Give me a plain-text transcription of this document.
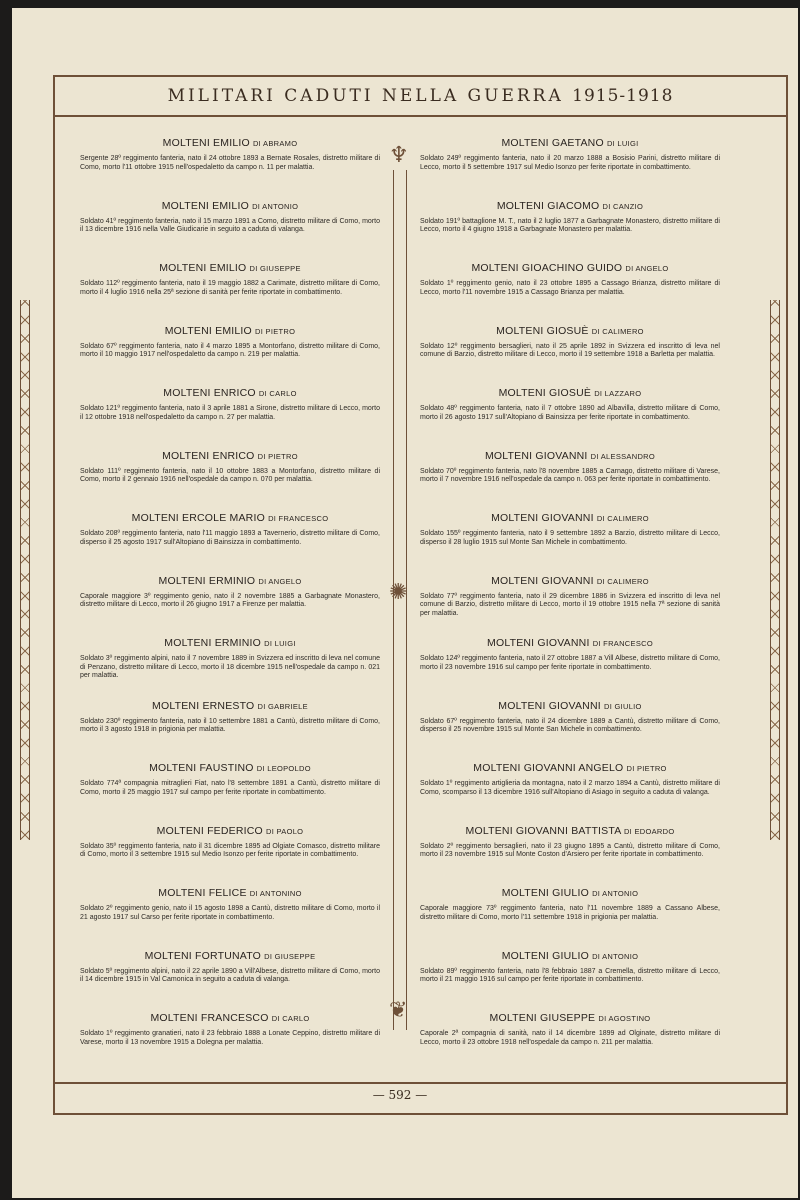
MILITARI CADUTI NELLA GUERRA 1915-1918
♆
✺
❦
MOLTENI EMILIO DI ABRAMO
Sergente 28º reggimento fanteria, nato il 24 ottobre 1893 a Bernate Rosales, distretto militare di Como, morto l'11 ottobre 1915 nell'ospedaletto da campo n. 11 per malattia.
MOLTENI EMILIO DI ANTONIO
Soldato 41º reggimento fanteria, nato il 15 marzo 1891 a Como, distretto militare di Como, morto il 13 dicembre 1916 nella Valle Giudicarie in seguito a caduta di valanga.
MOLTENI EMILIO DI GIUSEPPE
Soldato 112º reggimento fanteria, nato il 19 maggio 1882 a Carimate, distretto militare di Como, morto il 4 luglio 1916 nella 25ª sezione di sanità per ferite riportate in combattimento.
MOLTENI EMILIO DI PIETRO
Soldato 67º reggimento fanteria, nato il 4 marzo 1895 a Montorfano, distretto militare di Como, morto il 10 maggio 1917 nell'ospedaletto da campo n. 219 per malattia.
MOLTENI ENRICO DI CARLO
Soldato 121º reggimento fanteria, nato il 3 aprile 1881 a Sirone, distretto militare di Lecco, morto il 12 ottobre 1918 nell'ospedaletto da campo n. 27 per malattia.
MOLTENI ENRICO DI PIETRO
Soldato 111º reggimento fanteria, nato il 10 ottobre 1883 a Montorfano, distretto militare di Como, morto il 2 gennaio 1916 nell'ospedale da campo n. 070 per malattia.
MOLTENI ERCOLE MARIO DI FRANCESCO
Soldato 208º reggimento fanteria, nato l'11 maggio 1893 a Tavernerio, distretto militare di Como, disperso il 25 agosto 1917 sull'Altopiano di Bainsizza in combattimento.
MOLTENI ERMINIO DI ANGELO
Caporale maggiore 3º reggimento genio, nato il 2 novembre 1885 a Garbagnate Monastero, distretto militare di Lecco, morto il 26 giugno 1917 a Firenze per malattia.
MOLTENI ERMINIO DI LUIGI
Soldato 3º reggimento alpini, nato il 7 novembre 1889 in Svizzera ed inscritto di leva nel comune di Penzano, distretto militare di Lecco, morto il 18 dicembre 1915 nell'ospedale da campo n. 021 per malattia.
MOLTENI ERNESTO DI GABRIELE
Soldato 230º reggimento fanteria, nato il 10 settembre 1881 a Cantù, distretto militare di Como, morto il 3 agosto 1918 in prigionia per malattia.
MOLTENI FAUSTINO DI LEOPOLDO
Soldato 774ª compagnia mitraglieri Fiat, nato l'8 settembre 1891 a Cantù, distretto militare di Como, morto il 25 maggio 1917 sul campo per ferite riportate in combattimento.
MOLTENI FEDERICO DI PAOLO
Soldato 35º reggimento fanteria, nato il 31 dicembre 1895 ad Olgiate Comasco, distretto militare di Como, morto il 3 settembre 1915 sul Medio Isonzo per ferite riportate in combattimento.
MOLTENI FELICE DI ANTONINO
Soldato 2º reggimento genio, nato il 15 agosto 1898 a Cantù, distretto militare di Como, morto il 21 agosto 1917 sul Carso per ferite riportate in combattimento.
MOLTENI FORTUNATO DI GIUSEPPE
Soldato 5º reggimento alpini, nato il 22 aprile 1890 a Vill'Albese, distretto militare di Como, morto il 14 dicembre 1915 in Val Camonica in seguito a caduta di valanga.
MOLTENI FRANCESCO DI CARLO
Soldato 1º reggimento granatieri, nato il 23 febbraio 1888 a Lonate Ceppino, distretto militare di Varese, morto il 13 novembre 1915 a Dolegna per malattia.
MOLTENI GAETANO DI LUIGI
Soldato 249º reggimento fanteria, nato il 20 marzo 1888 a Bosisio Parini, distretto militare di Lecco, morto il 5 settembre 1917 sul Medio Isonzo per ferite riportate in combattimento.
MOLTENI GIACOMO DI CANZIO
Soldato 191º battaglione M. T., nato il 2 luglio 1877 a Garbagnate Monastero, distretto militare di Lecco, morto il 4 giugno 1918 a Garbagnate Monastero per malattia.
MOLTENI GIOACHINO GUIDO DI ANGELO
Soldato 1º reggimento genio, nato il 23 ottobre 1895 a Cassago Brianza, distretto militare di Lecco, morto l'11 novembre 1915 a Cassago Brianza per malattia.
MOLTENI GIOSUÈ DI CALIMERO
Soldato 12º reggimento bersaglieri, nato il 25 aprile 1892 in Svizzera ed inscritto di leva nel comune di Barzio, distretto militare di Lecco, morto il 19 settembre 1918 a Barletta per malattia.
MOLTENI GIOSUÈ DI LAZZARO
Soldato 48º reggimento fanteria, nato il 7 ottobre 1890 ad Albavilla, distretto militare di Como, morto il 26 agosto 1917 sull'Altopiano di Bainsizza per ferite riportate in combattimento.
MOLTENI GIOVANNI DI ALESSANDRO
Soldato 70º reggimento fanteria, nato l'8 novembre 1885 a Carnago, distretto militare di Varese, morto il 7 novembre 1916 nell'ospedale da campo n. 063 per ferite riportate in combattimento.
MOLTENI GIOVANNI DI CALIMERO
Soldato 155º reggimento fanteria, nato il 9 settembre 1892 a Barzio, distretto militare di Lecco, disperso il 28 luglio 1915 sul Monte San Michele in combattimento.
MOLTENI GIOVANNI DI CALIMERO
Soldato 77º reggimento fanteria, nato il 29 dicembre 1886 in Svizzera ed inscritto di leva nel comune di Barzio, distretto militare di Lecco, morto il 19 ottobre 1915 nella 7ª sezione di sanità per malattia.
MOLTENI GIOVANNI DI FRANCESCO
Soldato 124º reggimento fanteria, nato il 27 ottobre 1887 a Vill Albese, distretto militare di Como, morto il 23 novembre 1916 sul campo per ferite riportate in combattimento.
MOLTENI GIOVANNI DI GIULIO
Soldato 67º reggimento fanteria, nato il 24 dicembre 1889 a Cantù, distretto militare di Como, disperso il 25 novembre 1915 sul Monte San Michele in combattimento.
MOLTENI GIOVANNI ANGELO DI PIETRO
Soldato 1º reggimento artiglieria da montagna, nato il 2 marzo 1894 a Cantù, distretto militare di Como, scomparso il 13 dicembre 1916 sull'Altopiano di Asiago in seguito a caduta di valanga.
MOLTENI GIOVANNI BATTISTA DI EDOARDO
Soldato 2º reggimento bersaglieri, nato il 23 giugno 1895 a Cantù, distretto militare di Como, morto il 23 novembre 1915 sul Monte Coston d'Arsiero per ferite riportate in combattimento.
MOLTENI GIULIO DI ANTONIO
Caporale maggiore 73º reggimento fanteria, nato l'11 novembre 1889 a Cassano Albese, distretto militare di Como, morto l'11 settembre 1918 in prigionia per malattia.
MOLTENI GIULIO DI ANTONIO
Soldato 89º reggimento fanteria, nato l'8 febbraio 1887 a Cremella, distretto militare di Lecco, morto il 21 maggio 1916 sul campo per ferite riportate in combattimento.
MOLTENI GIUSEPPE DI AGOSTINO
Caporale 2ª compagnia di sanità, nato il 14 dicembre 1899 ad Olginate, distretto militare di Lecco, morto il 23 ottobre 1918 nell'ospedale da campo n. 211 per malattia.
— 592 —
